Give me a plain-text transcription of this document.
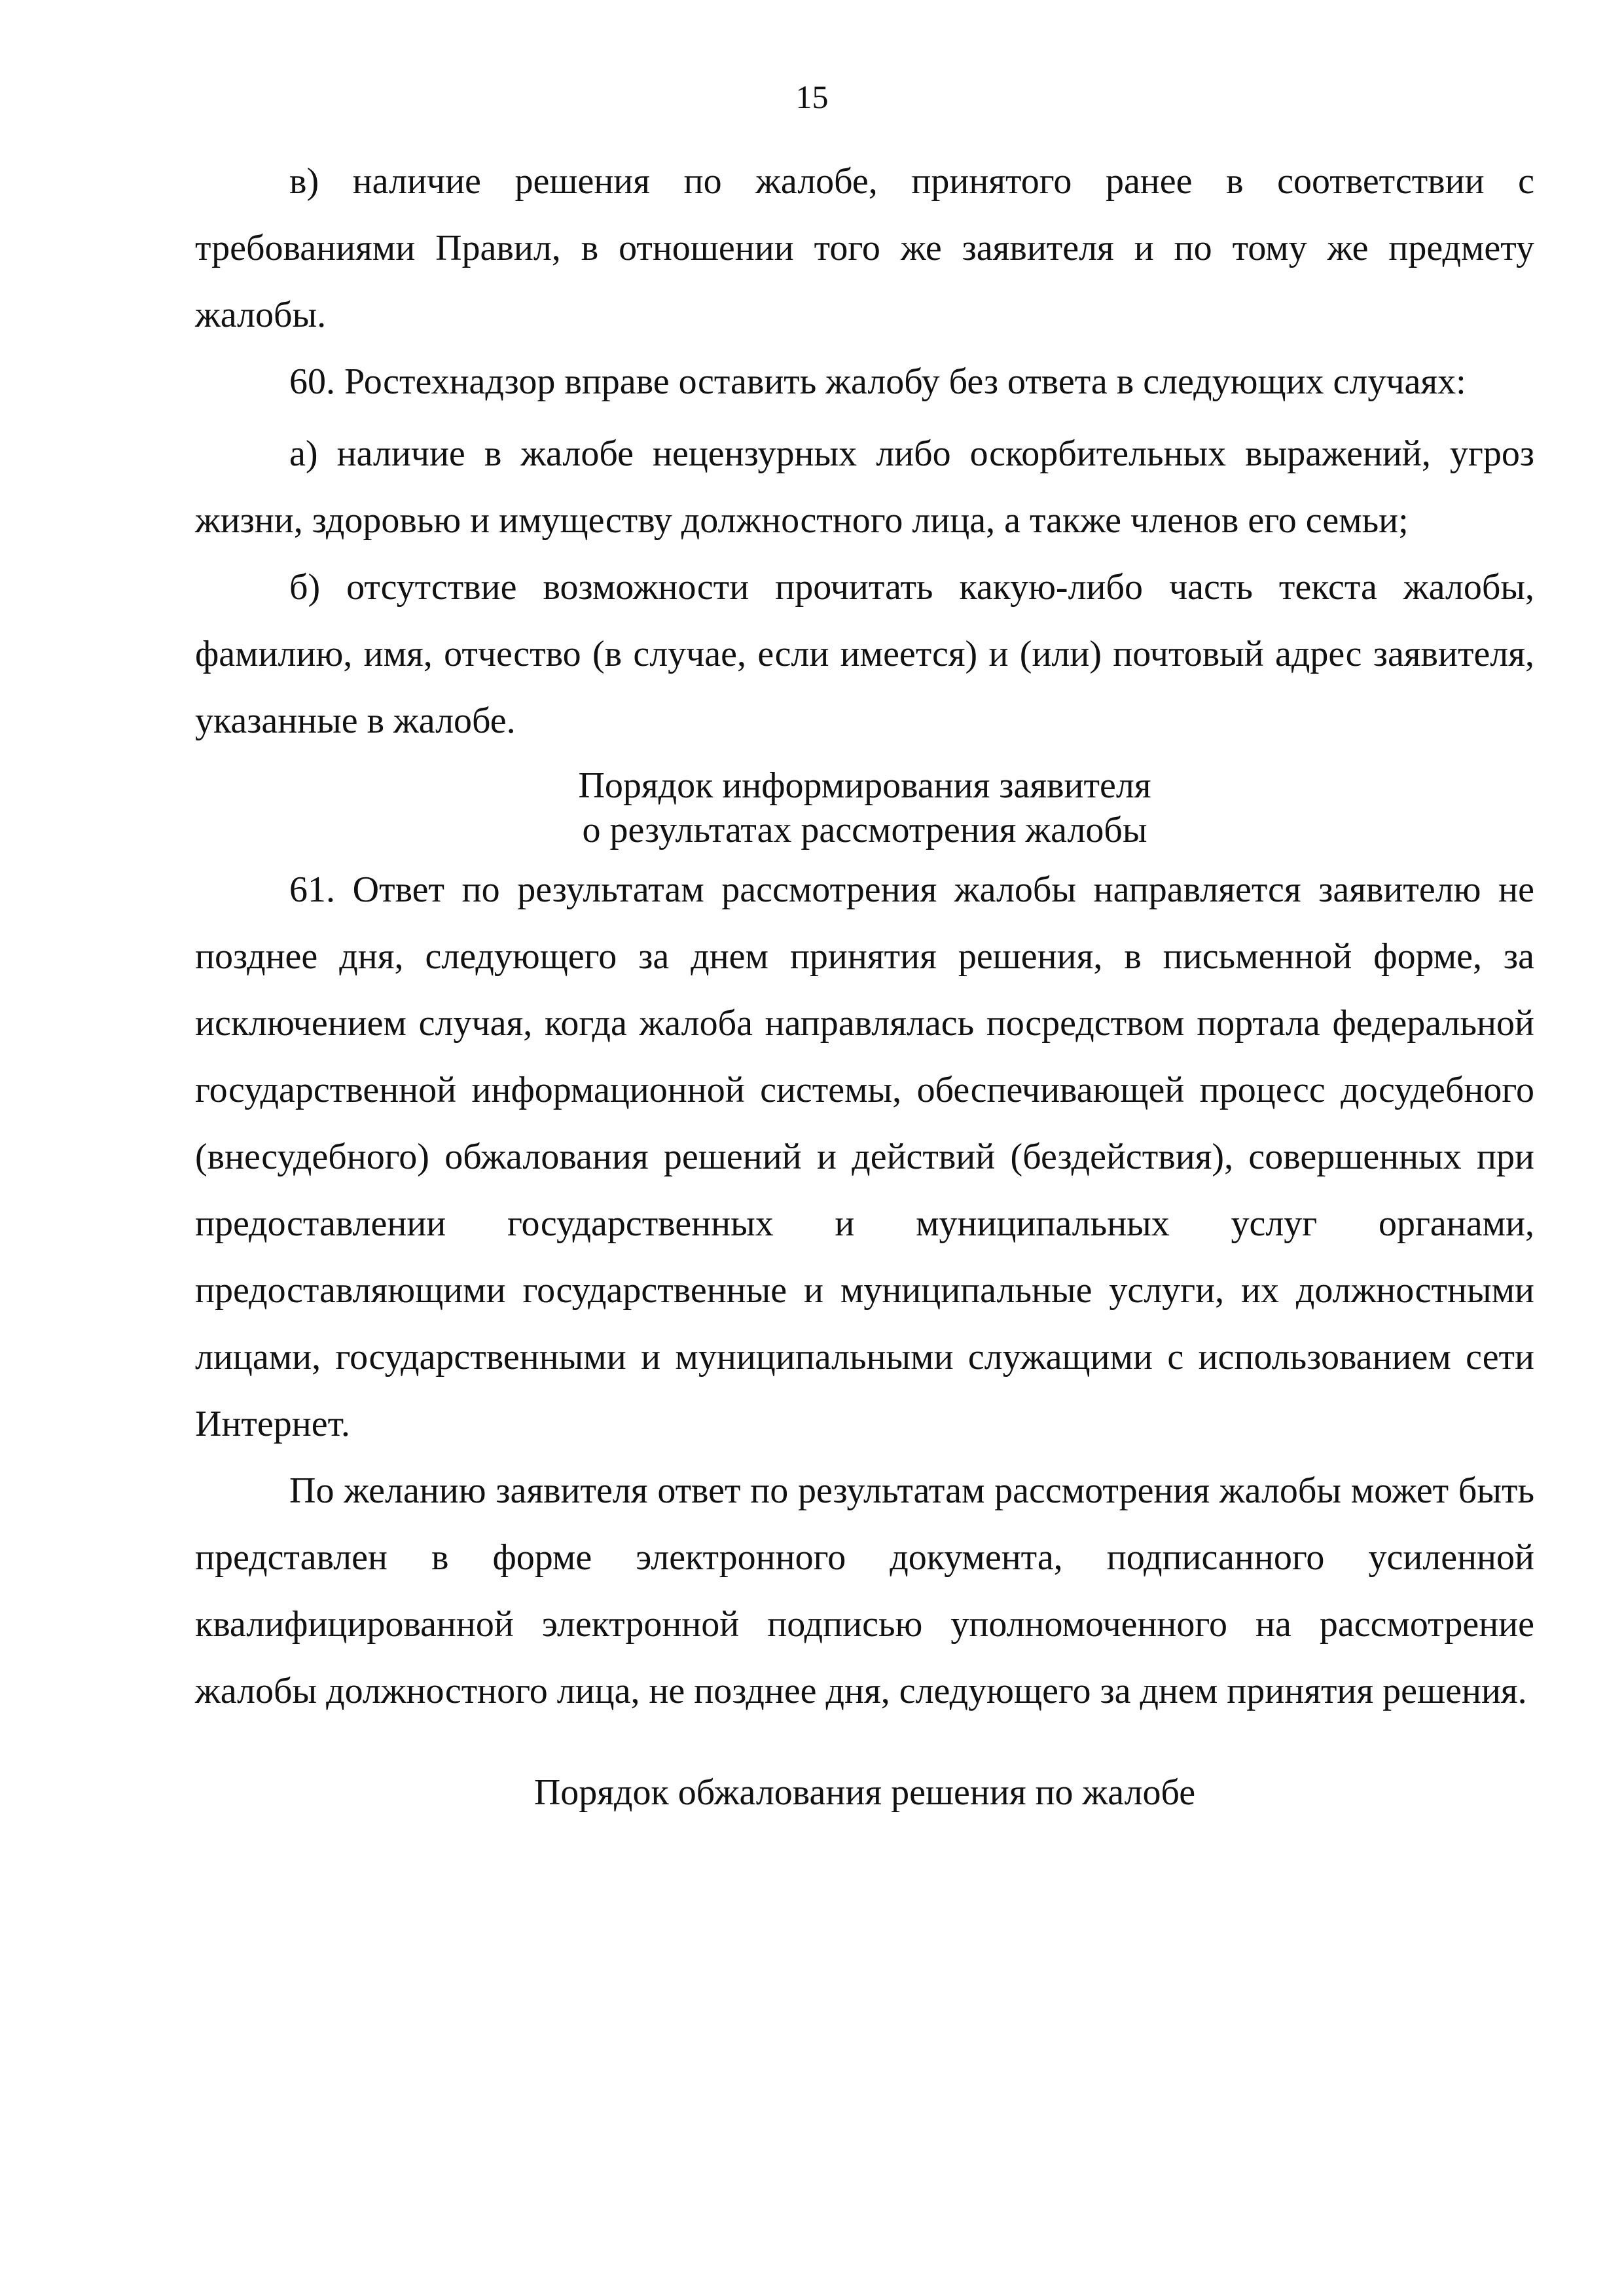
15

в) наличие решения по жалобе, принятого ранее в соответствии с требованиями Правил, в отношении того же заявителя и по тому же предмету жалобы.

60. Ростехнадзор вправе оставить жалобу без ответа в следующих случаях:

а) наличие в жалобе нецензурных либо оскорбительных выражений, угроз жизни, здоровью и имуществу должностного лица, а также членов его семьи;

б) отсутствие возможности прочитать какую-либо часть текста жалобы, фамилию, имя, отчество (в случае, если имеется) и (или) почтовый адрес заявителя, указанные в жалобе.

Порядок информирования заявителя
о результатах рассмотрения жалобы

61. Ответ по результатам рассмотрения жалобы направляется заявителю не позднее дня, следующего за днем принятия решения, в письменной форме, за исключением случая, когда жалоба направлялась посредством портала федеральной государственной информационной системы, обеспечивающей процесс досудебного (внесудебного) обжалования решений и действий (бездействия), совершенных при предоставлении государственных и муниципальных услуг органами, предоставляющими государственные и муниципальные услуги, их должностными лицами, государственными и муниципальными служащими с использованием сети Интернет.

По желанию заявителя ответ по результатам рассмотрения жалобы может быть представлен в форме электронного документа, подписанного усиленной квалифицированной электронной подписью уполномоченного на рассмотрение жалобы должностного лица, не позднее дня, следующего за днем принятия решения.

Порядок обжалования решения по жалобе
